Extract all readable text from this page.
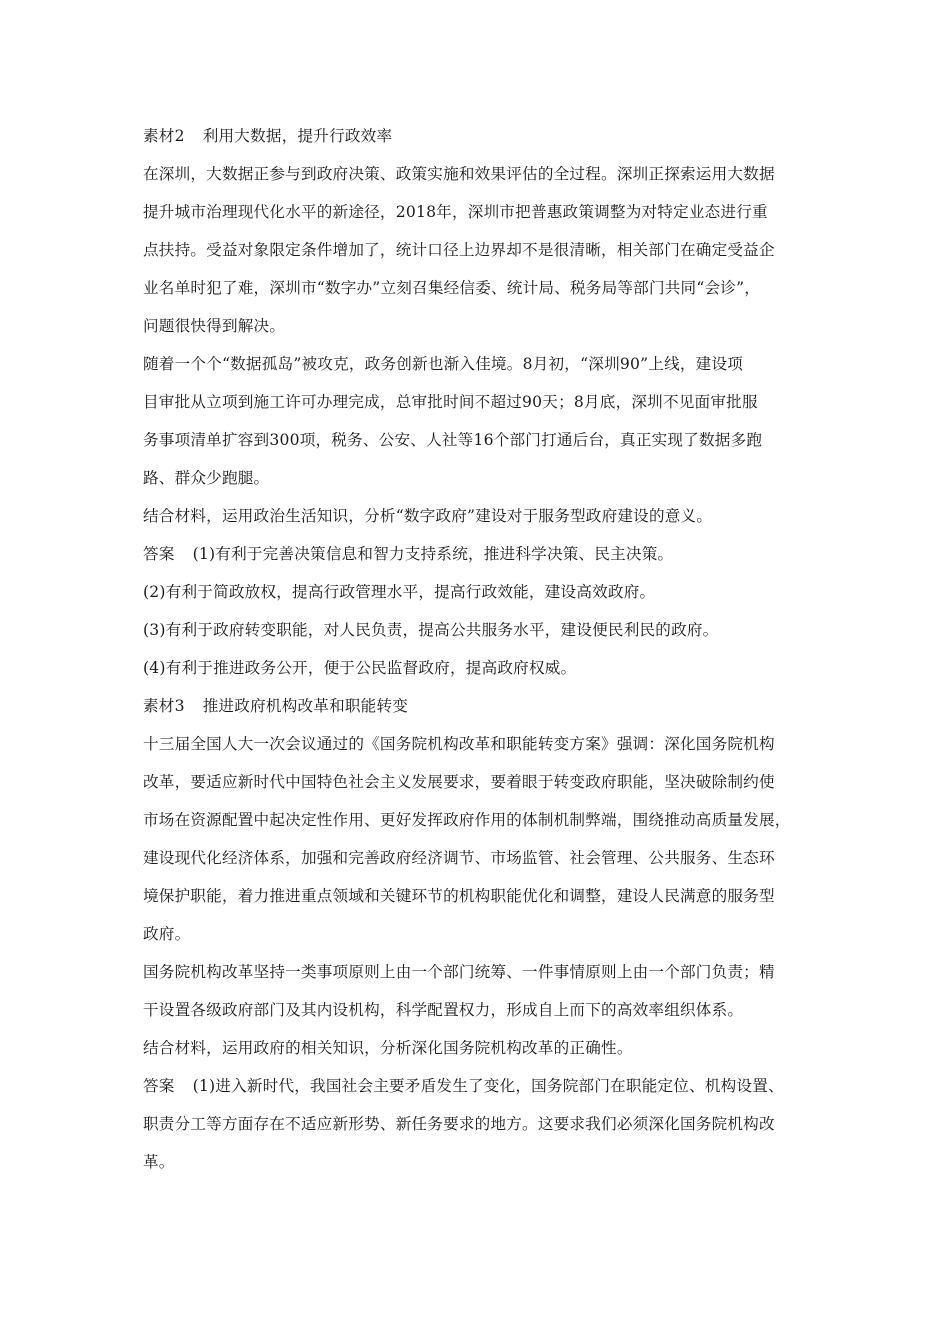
素材2 利用大数据，提升行政效率
在深圳，大数据正参与到政府决策、政策实施和效果评估的全过程。深圳正探索运用大数据
提升城市治理现代化水平的新途径，2018年，深圳市把普惠政策调整为对特定业态进行重
点扶持。受益对象限定条件增加了，统计口径上边界却不是很清晰，相关部门在确定受益企
业名单时犯了难，深圳市“数字办”立刻召集经信委、统计局、税务局等部门共同“会诊”，
问题很快得到解决。
随着一个个“数据孤岛”被攻克，政务创新也渐入佳境。8月初，“深圳90”上线，建设项
目审批从立项到施工许可办理完成，总审批时间不超过90天；8月底，深圳不见面审批服
务事项清单扩容到300项，税务、公安、人社等16个部门打通后台，真正实现了数据多跑
路、群众少跑腿。
结合材料，运用政治生活知识，分析“数字政府”建设对于服务型政府建设的意义。
答案 (1)有利于完善决策信息和智力支持系统，推进科学决策、民主决策。
(2)有利于简政放权，提高行政管理水平，提高行政效能，建设高效政府。
(3)有利于政府转变职能，对人民负责，提高公共服务水平，建设便民利民的政府。
(4)有利于推进政务公开，便于公民监督政府，提高政府权威。
素材3 推进政府机构改革和职能转变
十三届全国人大一次会议通过的《国务院机构改革和职能转变方案》强调：深化国务院机构
改革，要适应新时代中国特色社会主义发展要求，要着眼于转变政府职能，坚决破除制约使
市场在资源配置中起决定性作用、更好发挥政府作用的体制机制弊端，围绕推动高质量发展，
建设现代化经济体系，加强和完善政府经济调节、市场监管、社会管理、公共服务、生态环
境保护职能，着力推进重点领域和关键环节的机构职能优化和调整，建设人民满意的服务型
政府。
国务院机构改革坚持一类事项原则上由一个部门统筹、一件事情原则上由一个部门负责；精
干设置各级政府部门及其内设机构，科学配置权力，形成自上而下的高效率组织体系。
结合材料，运用政府的相关知识，分析深化国务院机构改革的正确性。
答案 (1)进入新时代，我国社会主要矛盾发生了变化，国务院部门在职能定位、机构设置、
职责分工等方面存在不适应新形势、新任务要求的地方。这要求我们必须深化国务院机构改
革。
